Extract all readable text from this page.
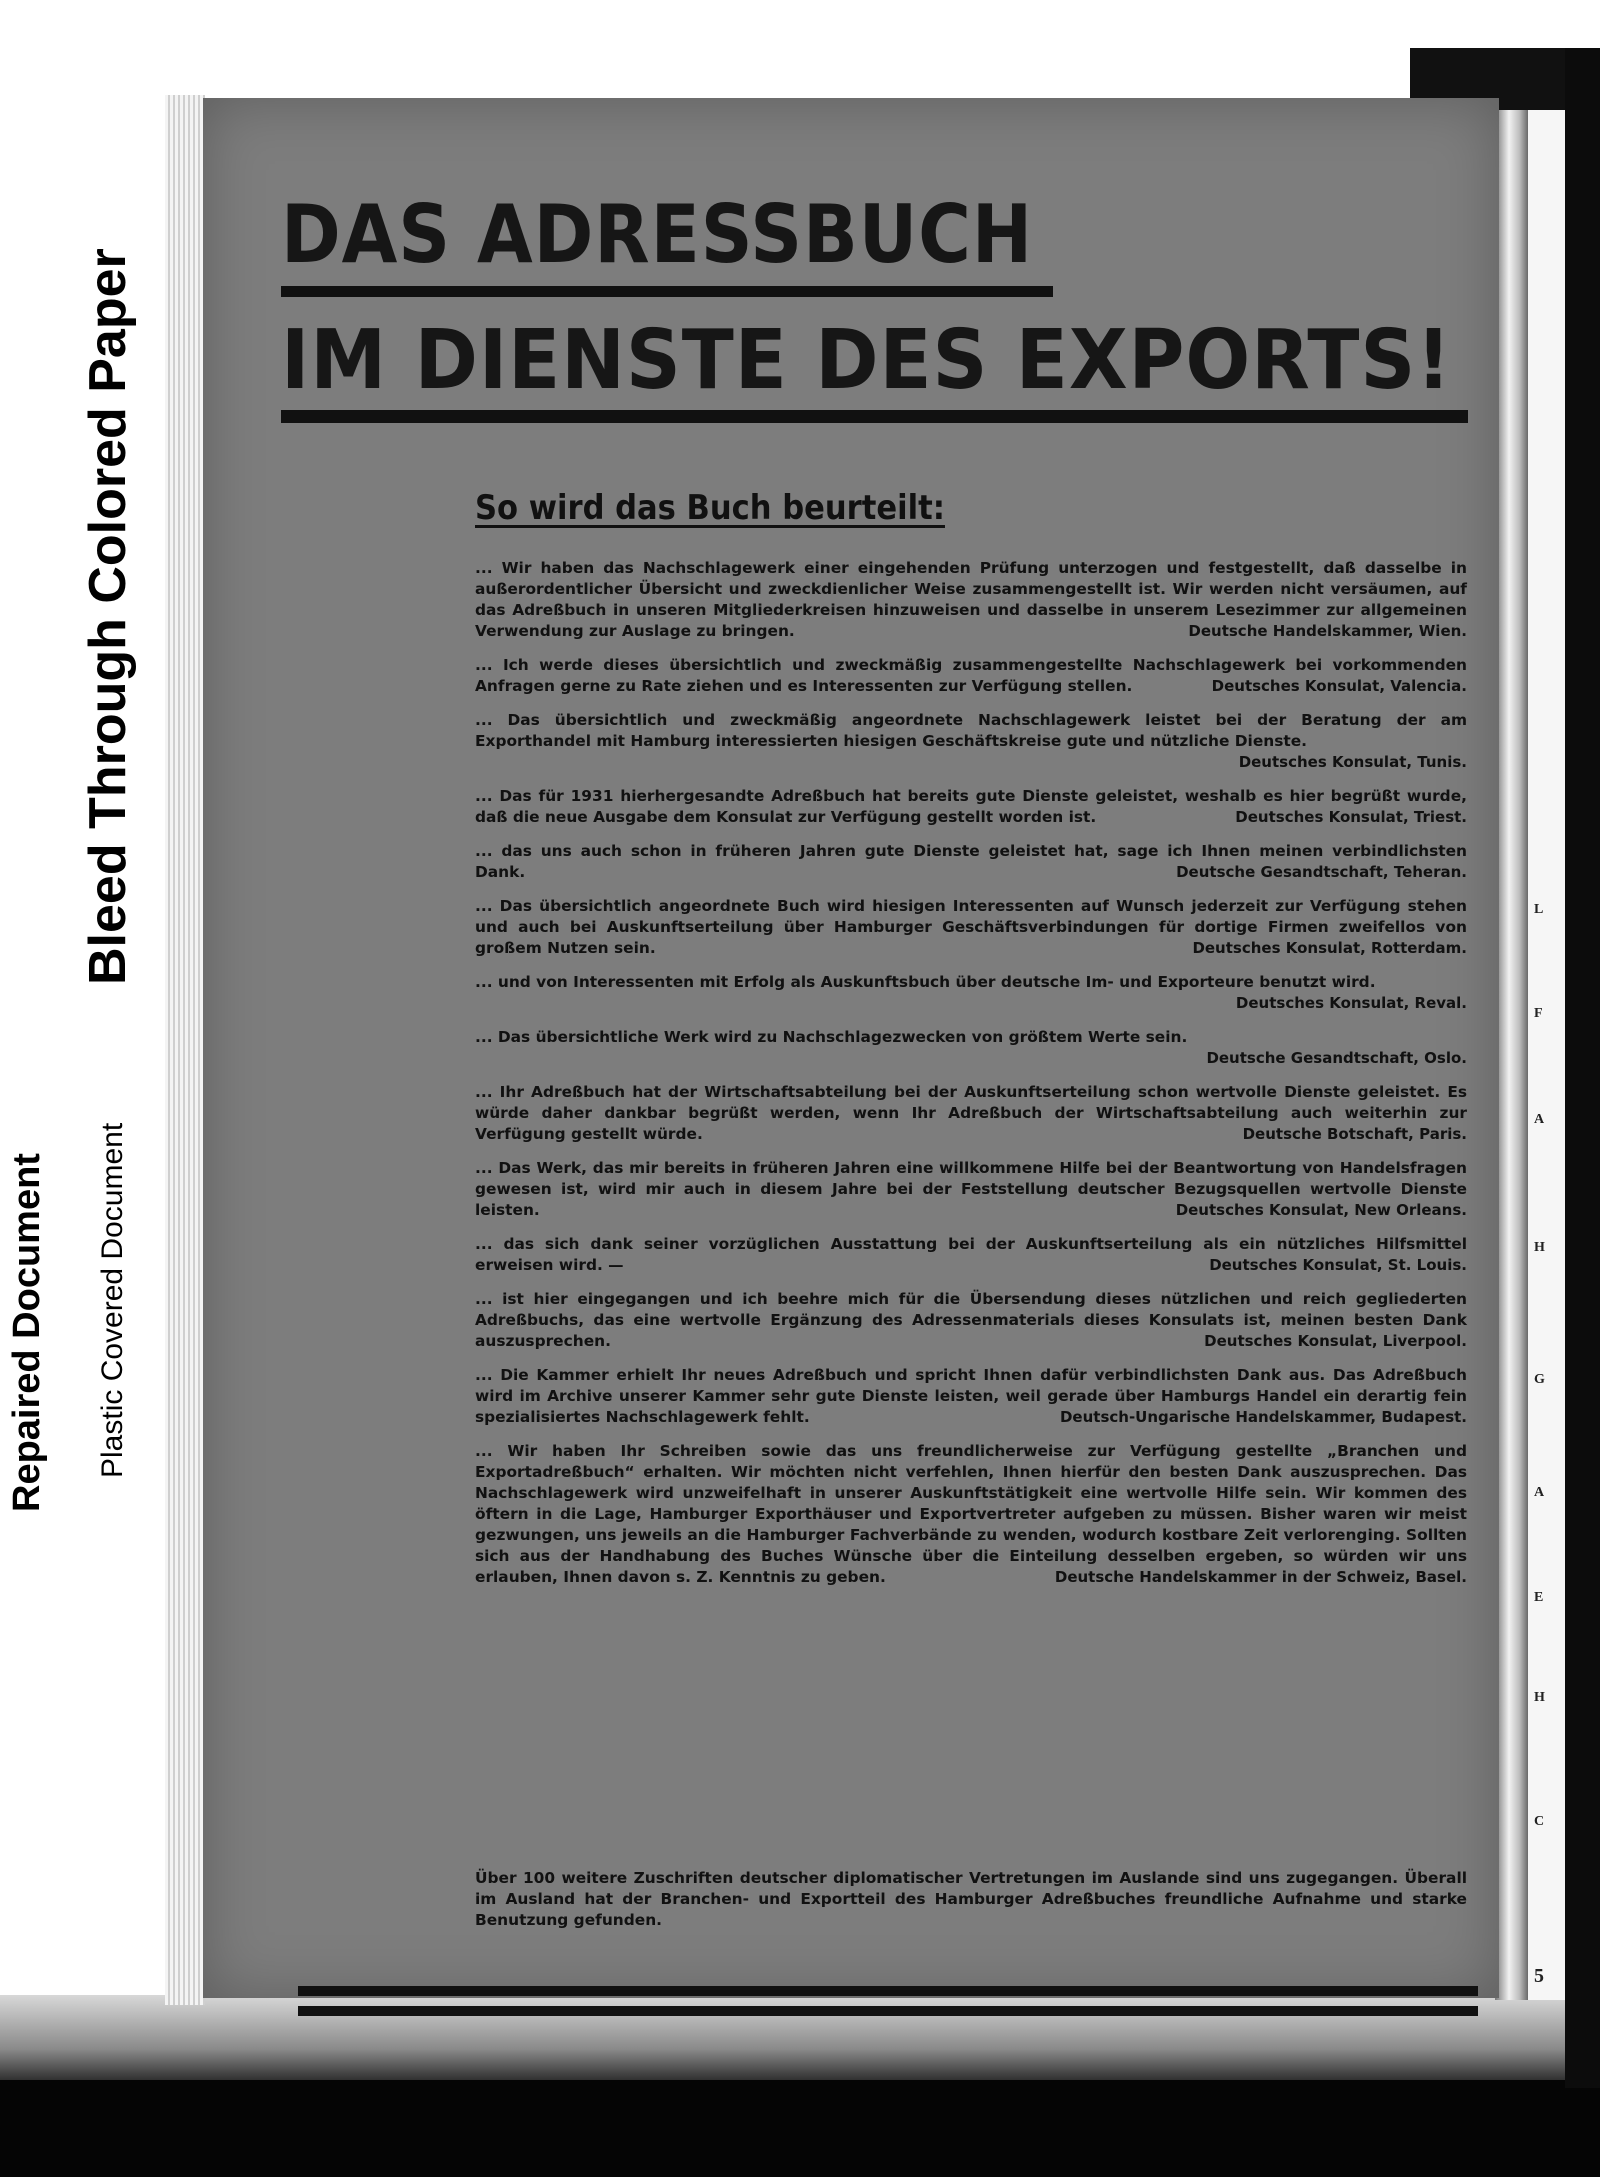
Repaired Document Plastic Covered Document
Bleed Through Colored Paper	L
F
A
H
G
A
E
H
C
5
DAS ADRESSBUCH
IM DIENSTE DES EXPORTS!
So wird das Buch beurteilt:

... Wir haben das Nachschlagewerk einer eingehenden Prüfung unterzogen und festgestellt, daß dasselbe in außerordentlicher Übersicht und zweckdienlicher Weise zusammengestellt ist. Wir werden nicht versäumen, auf das Adreßbuch in unseren Mitgliederkreisen hinzuweisen und dasselbe in unserem Lesezimmer zur allgemeinen Verwendung zur Auslage zu bringen.	Deutsche Handelskammer, Wien.

... Ich werde dieses übersichtlich und zweckmäßig zusammengestellte Nachschlagewerk bei vorkommenden Anfragen gerne zu Rate ziehen und es Interessenten zur Verfügung stellen.	Deutsches Konsulat, Valencia.

... Das übersichtlich und zweckmäßig angeordnete Nachschlagewerk leistet bei der Beratung der am Exporthandel mit Hamburg interessierten hiesigen Geschäftskreise gute und nützliche Dienste.
Deutsches Konsulat, Tunis.

... Das für 1931 hierhergesandte Adreßbuch hat bereits gute Dienste geleistet, weshalb es hier begrüßt wurde, daß die neue Ausgabe dem Konsulat zur Verfügung gestellt worden ist.	Deutsches Konsulat, Triest.

... das uns auch schon in früheren Jahren gute Dienste geleistet hat, sage ich Ihnen meinen verbindlichsten Dank.	Deutsche Gesandtschaft, Teheran.

... Das übersichtlich angeordnete Buch wird hiesigen Interessenten auf Wunsch jederzeit zur Verfügung stehen und auch bei Auskunftserteilung über Hamburger Geschäftsverbindungen für dortige Firmen zweifellos von großem Nutzen sein.	Deutsches Konsulat, Rotterdam.

... und von Interessenten mit Erfolg als Auskunftsbuch über deutsche Im- und Exporteure benutzt wird.
Deutsches Konsulat, Reval.

... Das übersichtliche Werk wird zu Nachschlagezwecken von größtem Werte sein.
Deutsche Gesandtschaft, Oslo.

... Ihr Adreßbuch hat der Wirtschaftsabteilung bei der Auskunftserteilung schon wertvolle Dienste geleistet. Es würde daher dankbar begrüßt werden, wenn Ihr Adreßbuch der Wirtschaftsabteilung auch weiterhin zur Verfügung gestellt würde.	Deutsche Botschaft, Paris.

... Das Werk, das mir bereits in früheren Jahren eine willkommene Hilfe bei der Beantwortung von Handelsfragen gewesen ist, wird mir auch in diesem Jahre bei der Feststellung deutscher Bezugsquellen wertvolle Dienste leisten.	Deutsches Konsulat, New Orleans.

... das sich dank seiner vorzüglichen Ausstattung bei der Auskunftserteilung als ein nützliches Hilfsmittel erweisen wird. —	Deutsches Konsulat, St. Louis.

... ist hier eingegangen und ich beehre mich für die Übersendung dieses nützlichen und reich gegliederten Adreßbuchs, das eine wertvolle Ergänzung des Adressenmaterials dieses Konsulats ist, meinen besten Dank auszusprechen.	Deutsches Konsulat, Liverpool.

... Die Kammer erhielt Ihr neues Adreßbuch und spricht Ihnen dafür verbindlichsten Dank aus. Das Adreßbuch wird im Archive unserer Kammer sehr gute Dienste leisten, weil gerade über Hamburgs Handel ein derartig fein spezialisiertes Nachschlagewerk fehlt.	Deutsch-Ungarische Handelskammer, Budapest.

... Wir haben Ihr Schreiben sowie das uns freundlicherweise zur Verfügung gestellte „Branchen und Exportadreßbuch“ erhalten. Wir möchten nicht verfehlen, Ihnen hierfür den besten Dank auszusprechen. Das Nachschlagewerk wird unzweifelhaft in unserer Auskunftstätigkeit eine wertvolle Hilfe sein. Wir kommen des öftern in die Lage, Hamburger Exporthäuser und Exportvertreter aufgeben zu müssen. Bisher waren wir meist gezwungen, uns jeweils an die Hamburger Fachverbände zu wenden, wodurch kostbare Zeit verlorenging. Sollten sich aus der Handhabung des Buches Wünsche über die Einteilung desselben ergeben, so würden wir uns erlauben, Ihnen davon s. Z. Kenntnis zu geben.	Deutsche Handelskammer in der Schweiz, Basel.

Über 100 weitere Zuschriften deutscher diplomatischer Vertretungen im Auslande sind uns zugegangen. Überall im Ausland hat der Branchen- und Exportteil des Hamburger Adreßbuches freundliche Aufnahme und starke Benutzung gefunden.
